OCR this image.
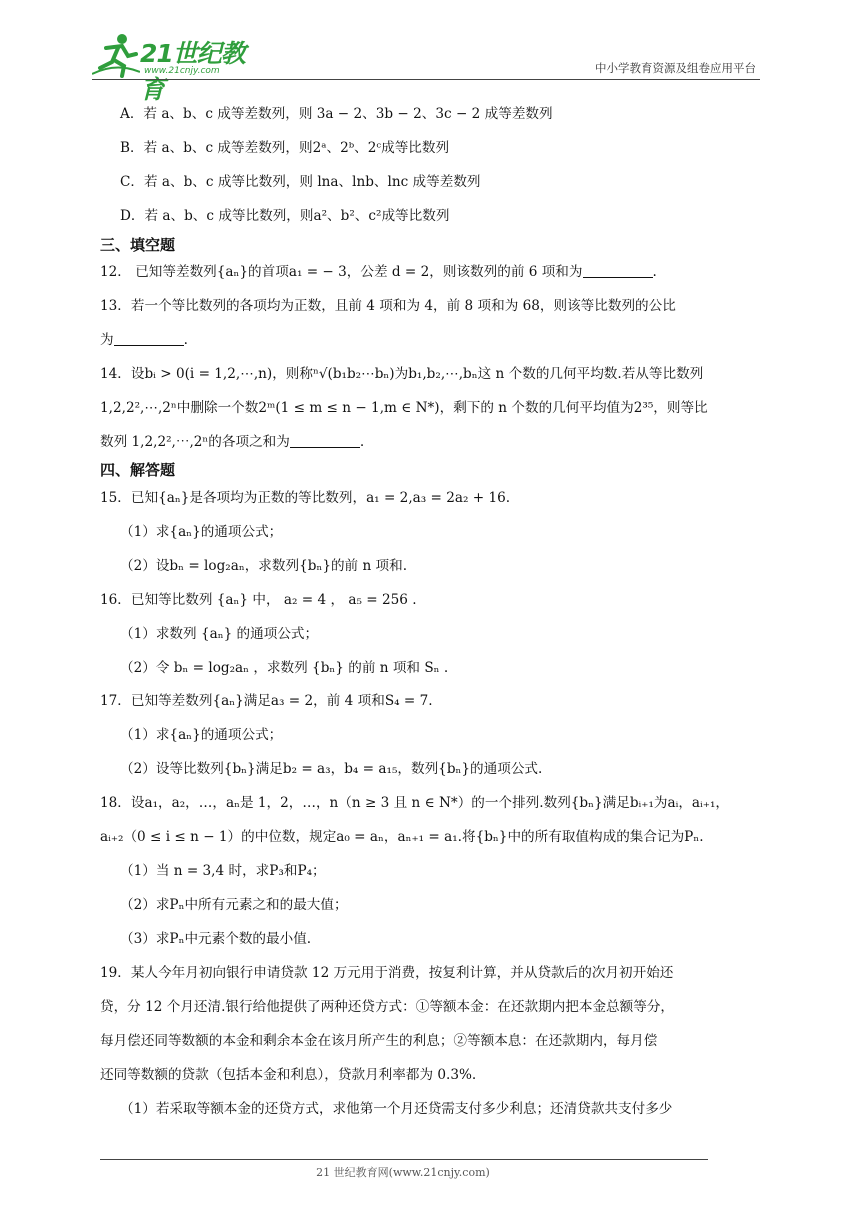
21世纪教育
www.21cnjy.com	中小学教育资源及组卷应用平台
A．若 a、b、c 成等差数列，则 3a − 2、3b − 2、3c − 2 成等差数列
B．若 a、b、c 成等差数列，则2ᵃ、2ᵇ、2ᶜ成等比数列
C．若 a、b、c 成等比数列，则 lna、lnb、lnc 成等差数列
D．若 a、b、c 成等比数列，则a²、b²、c²成等比数列
三、填空题
12． 已知等差数列{aₙ}的首项a₁ = − 3，公差 d = 2，则该数列的前 6 项和为	.
13．若一个等比数列的各项均为正数，且前 4 项和为 4，前 8 项和为 68，则该等比数列的公比
为	.
14．设bᵢ > 0(i = 1,2,⋯,n)，则称ⁿ√(b₁b₂⋯bₙ)为b₁,b₂,⋯,bₙ这 n 个数的几何平均数.若从等比数列
1,2,2²,⋯,2ⁿ中删除一个数2ᵐ(1 ≤ m ≤ n − 1,m ∈ N*)，剩下的 n 个数的几何平均值为2³⁵，则等比
数列 1,2,2²,⋯,2ⁿ的各项之和为	.
四、解答题
15．已知{aₙ}是各项均为正数的等比数列，a₁ = 2,a₃ = 2a₂ + 16.
（1）求{aₙ}的通项公式；
（2）设bₙ = log₂aₙ，求数列{bₙ}的前 n 项和.
16．已知等比数列 {aₙ} 中， a₂ = 4 ， a₅ = 256 .
（1）求数列 {aₙ} 的通项公式；
（2）令 bₙ = log₂aₙ ，求数列 {bₙ} 的前 n 项和 Sₙ .
17．已知等差数列{aₙ}满足a₃ = 2，前 4 项和S₄ = 7.
（1）求{aₙ}的通项公式；
（2）设等比数列{bₙ}满足b₂ = a₃，b₄ = a₁₅，数列{bₙ}的通项公式.
18．设a₁，a₂，…，aₙ是 1，2，…，n（n ≥ 3 且 n ∈ N*）的一个排列.数列{bₙ}满足bᵢ₊₁为aᵢ，aᵢ₊₁，
aᵢ₊₂（0 ≤ i ≤ n − 1）的中位数，规定a₀ = aₙ，aₙ₊₁ = a₁.将{bₙ}中的所有取值构成的集合记为Pₙ.
（1）当 n = 3,4 时，求P₃和P₄；
（2）求Pₙ中所有元素之和的最大值；
（3）求Pₙ中元素个数的最小值.
19．某人今年月初向银行申请贷款 12 万元用于消费，按复利计算，并从贷款后的次月初开始还
贷，分 12 个月还清.银行给他提供了两种还贷方式：①等额本金：在还款期内把本金总额等分，
每月偿还同等数额的本金和剩余本金在该月所产生的利息；②等额本息：在还款期内，每月偿
还同等数额的贷款（包括本金和利息），贷款月利率都为 0.3%.
（1）若采取等额本金的还贷方式，求他第一个月还贷需支付多少利息；还清贷款共支付多少
21 世纪教育网(www.21cnjy.com)
